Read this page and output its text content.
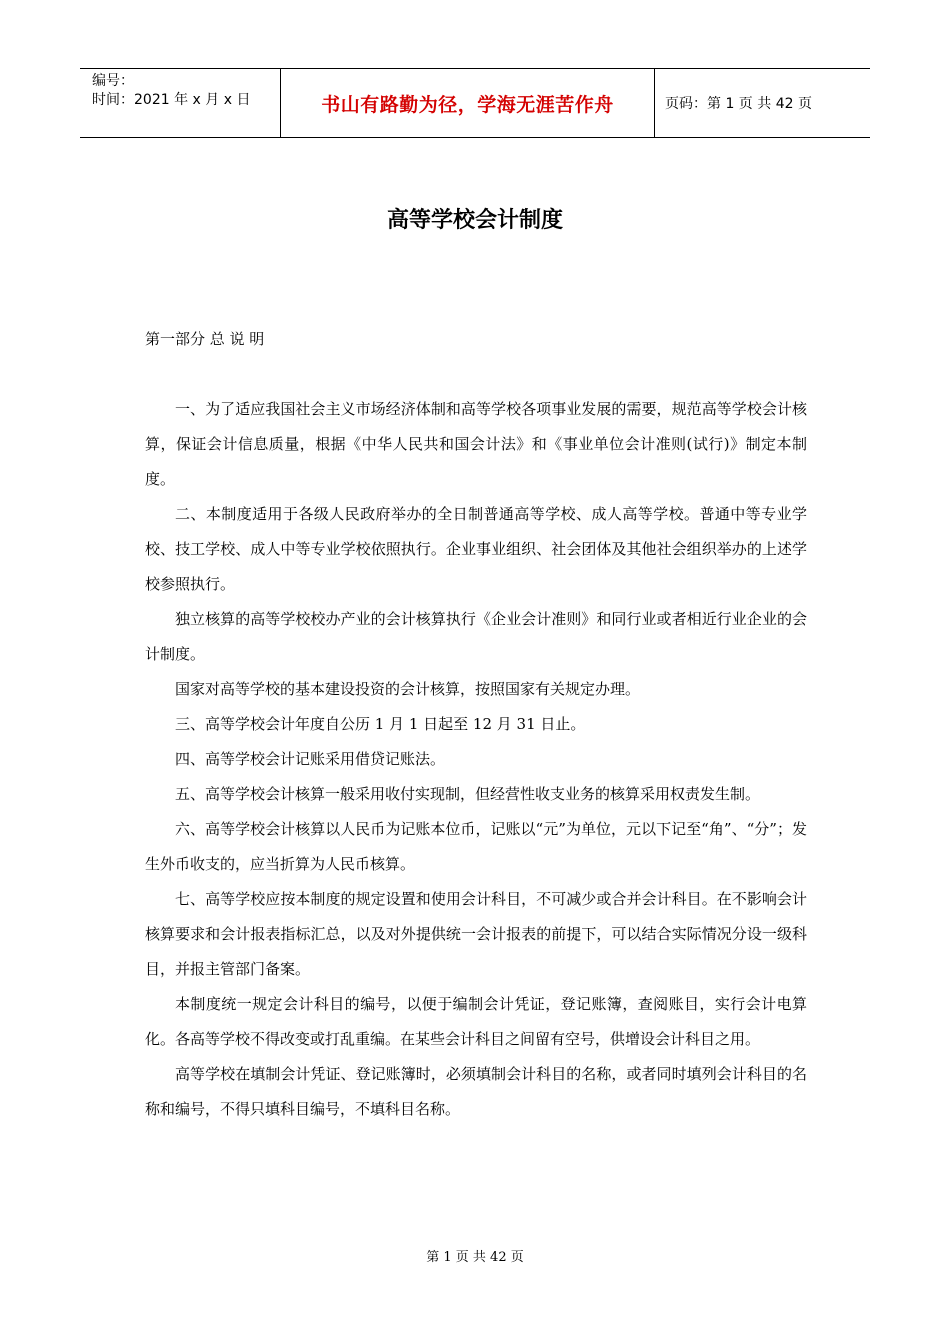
编号：
时间：2021 年 x 月 x 日	书山有路勤为径，学海无涯苦作舟	页码：第 1 页 共 42 页
高等学校会计制度
第一部分 总 说 明

一、为了适应我国社会主义市场经济体制和高等学校各项事业发展的需要，规范高等学校会计核算，保证会计信息质量，根据《中华人民共和国会计法》和《事业单位会计准则(试行)》制定本制度。

二、本制度适用于各级人民政府举办的全日制普通高等学校、成人高等学校。普通中等专业学校、技工学校、成人中等专业学校依照执行。企业事业组织、社会团体及其他社会组织举办的上述学校参照执行。

独立核算的高等学校校办产业的会计核算执行《企业会计准则》和同行业或者相近行业企业的会计制度。

国家对高等学校的基本建设投资的会计核算，按照国家有关规定办理。

三、高等学校会计年度自公历 1 月 1 日起至 12 月 31 日止。

四、高等学校会计记账采用借贷记账法。

五、高等学校会计核算一般采用收付实现制，但经营性收支业务的核算采用权责发生制。

六、高等学校会计核算以人民币为记账本位币，记账以“元”为单位，元以下记至“角”、“分”；发生外币收支的，应当折算为人民币核算。

七、高等学校应按本制度的规定设置和使用会计科目，不可减少或合并会计科目。在不影响会计核算要求和会计报表指标汇总，以及对外提供统一会计报表的前提下，可以结合实际情况分设一级科目，并报主管部门备案。

本制度统一规定会计科目的编号，以便于编制会计凭证，登记账簿，查阅账目，实行会计电算化。各高等学校不得改变或打乱重编。在某些会计科目之间留有空号，供增设会计科目之用。

高等学校在填制会计凭证、登记账簿时，必须填制会计科目的名称，或者同时填列会计科目的名称和编号，不得只填科目编号，不填科目名称。

第 1 页 共 42 页
